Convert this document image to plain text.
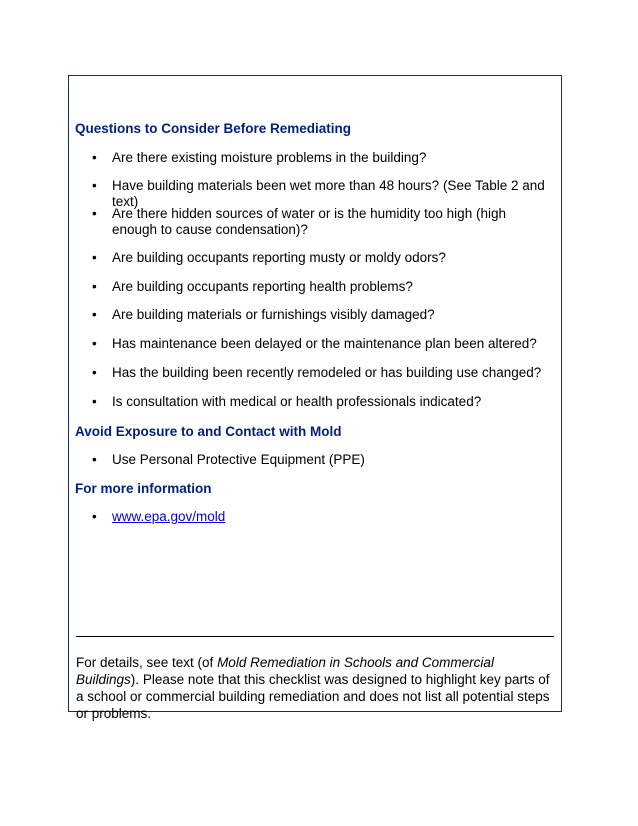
Questions to Consider Before Remediating
• Are there existing moisture problems in the building?
• Have building materials been wet more than 48 hours? (See Table 2 and text)
• Are there hidden sources of water or is the humidity too high (high enough to cause condensation)?
• Are building occupants reporting musty or moldy odors?
• Are building occupants reporting health problems?
• Are building materials or furnishings visibly damaged?
• Has maintenance been delayed or the maintenance plan been altered?
• Has the building been recently remodeled or has building use changed?
• Is consultation with medical or health professionals indicated?
Avoid Exposure to and Contact with Mold
• Use Personal Protective Equipment (PPE)
For more information
• www.epa.gov/mold
For details, see text (of Mold Remediation in Schools and Commercial Buildings). Please note that this checklist was designed to highlight key parts of a school or commercial building remediation and does not list all potential steps or problems.
